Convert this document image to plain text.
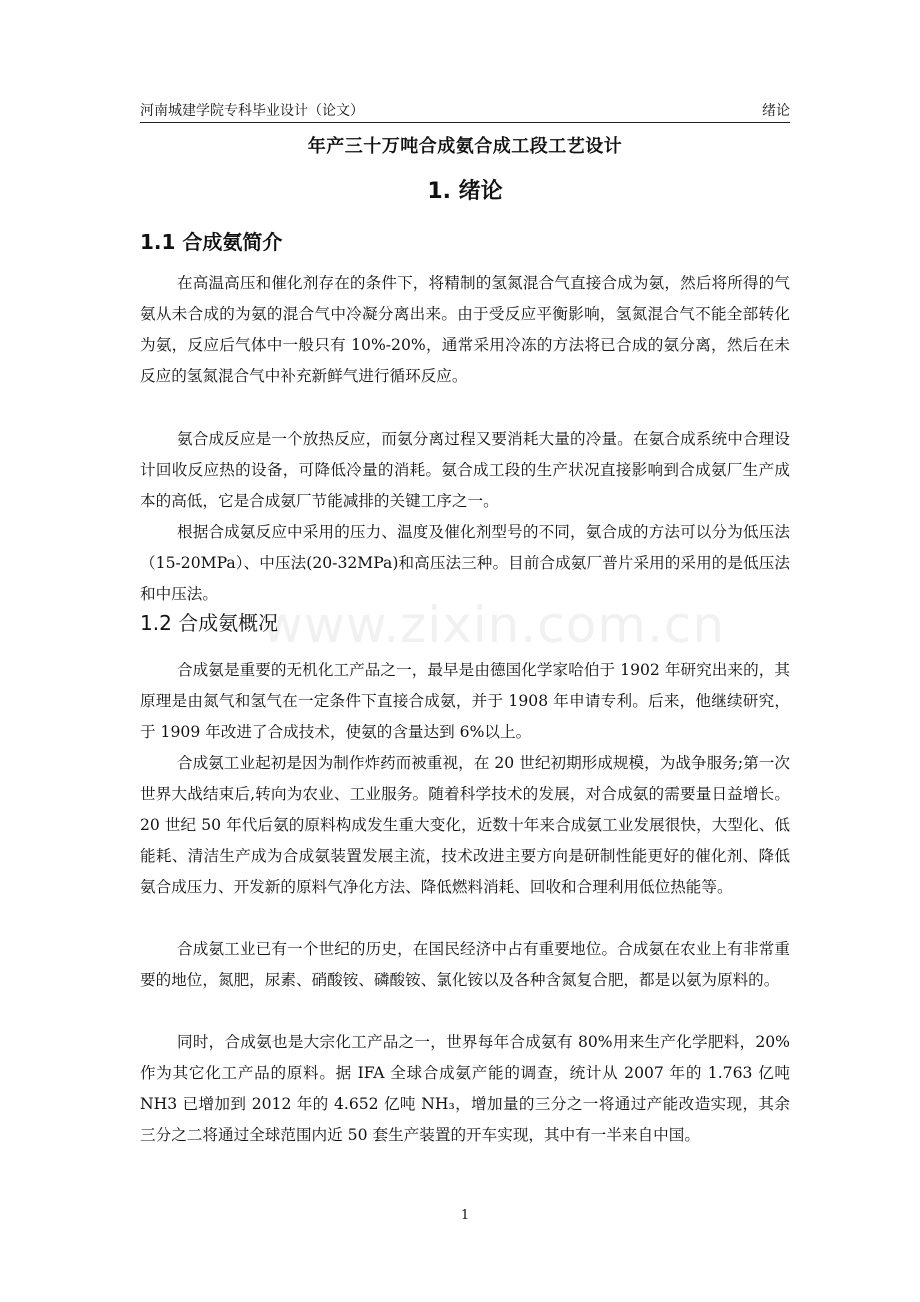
河南城建学院专科毕业设计（论文）	绪论
年产三十万吨合成氨合成工段工艺设计
1. 绪论
1.1 合成氨简介

在高温高压和催化剂存在的条件下，将精制的氢氮混合气直接合成为氨，然后将所得的气氨从未合成的为氨的混合气中冷凝分离出来。由于受反应平衡影响，氢氮混合气不能全部转化为氨，反应后气体中一般只有 10%-20%，通常采用冷冻的方法将已合成的氨分离，然后在未反应的氢氮混合气中补充新鲜气进行循环反应。

氨合成反应是一个放热反应，而氨分离过程又要消耗大量的冷量。在氨合成系统中合理设计回收反应热的设备，可降低冷量的消耗。氨合成工段的生产状况直接影响到合成氨厂生产成本的高低，它是合成氨厂节能减排的关键工序之一。

根据合成氨反应中采用的压力、温度及催化剂型号的不同，氨合成的方法可以分为低压法（15-20MPa）、中压法(20-32MPa)和高压法三种。目前合成氨厂普片采用的采用的是低压法和中压法。

www.zixin.com.cn
1.2 合成氨概况

合成氨是重要的无机化工产品之一，最早是由德国化学家哈伯于 1902 年研究出来的，其原理是由氮气和氢气在一定条件下直接合成氨，并于 1908 年申请专利。后来，他继续研究，于 1909 年改进了合成技术，使氨的含量达到 6%以上。

合成氨工业起初是因为制作炸药而被重视，在 20 世纪初期形成规模，为战争服务;第一次世界大战结束后,转向为农业、工业服务。随着科学技术的发展，对合成氨的需要量日益增长。20 世纪 50 年代后氨的原料构成发生重大变化，近数十年来合成氨工业发展很快，大型化、低能耗、清洁生产成为合成氨装置发展主流，技术改进主要方向是研制性能更好的催化剂、降低氨合成压力、开发新的原料气净化方法、降低燃料消耗、回收和合理利用低位热能等。

合成氨工业已有一个世纪的历史，在国民经济中占有重要地位。合成氨在农业上有非常重要的地位，氮肥，尿素、硝酸铵、磷酸铵、氯化铵以及各种含氮复合肥，都是以氨为原料的。

同时，合成氨也是大宗化工产品之一，世界每年合成氨有 80%用来生产化学肥料，20%作为其它化工产品的原料。据 IFA 全球合成氨产能的调查，统计从 2007 年的 1.763 亿吨 NH3 已增加到 2012 年的 4.652 亿吨 NH₃，增加量的三分之一将通过产能改造实现，其余三分之二将通过全球范围内近 50 套生产装置的开车实现，其中有一半来自中国。

1
